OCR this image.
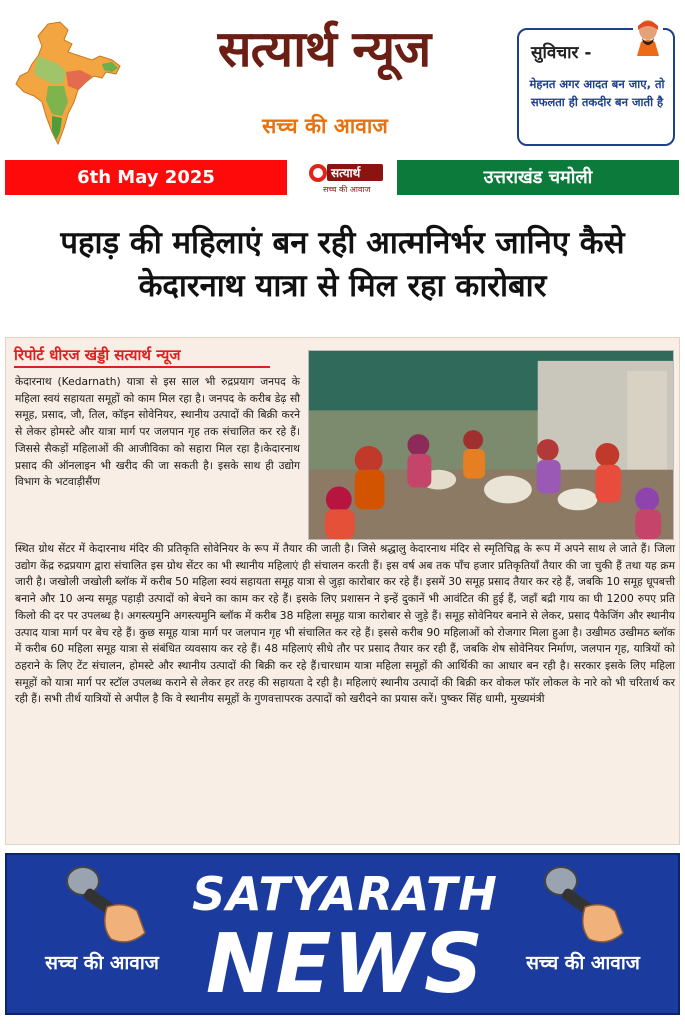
सत्यार्थ न्यूज
सच्च की आवाज
सुविचार -
मेहनत अगर आदत बन जाए, तो सफलता ही तकदीर बन जाती है
6th May 2025	सत्यार्थ
सच्च की आवाज
उत्तराखंड चमोली
पहाड़ की महिलाएं बन रही आत्मनिर्भर जानिए कैसे केदारनाथ यात्रा से मिल रहा कारोबार
रिपोर्ट धीरज खंड्डी सत्यार्थ न्यूज
केदारनाथ (Kedarnath) यात्रा से इस साल भी रुद्रप्रयाग जनपद के महिला स्वयं सहायता समूहों को काम मिल रहा है। जनपद के करीब डेढ़ सौ समूह, प्रसाद, जौ, तिल, कॉइन सोवेनियर, स्थानीय उत्पादों की बिक्री करने से लेकर होमस्टे और यात्रा मार्ग पर जलपान गृह तक संचालित कर रहे हैं। जिससे सैकड़ों महिलाओं की आजीविका को सहारा मिल रहा है।केदारनाथ प्रसाद की ऑनलाइन भी खरीद की जा सकती है। इसके साथ ही उद्योग विभाग के भटवाड़ीसैंण
स्थित ग्रोथ सेंटर में केदारनाथ मंदिर की प्रतिकृति सोवेनियर के रूप में तैयार की जाती है। जिसे श्रद्धालु केदारनाथ मंदिर से स्मृतिचिह्न के रूप में अपने साथ ले जाते हैं। जिला उद्योग केंद्र रुद्रप्रयाग द्वारा संचालित इस ग्रोथ सेंटर का भी स्थानीय महिलाएं ही संचालन करती हैं। इस वर्ष अब तक पाँच हजार प्रतिकृतियाँ तैयार की जा चुकी हैं तथा यह क्रम जारी है। जखोली जखोली ब्लॉक में करीब 50 महिला स्वयं सहायता समूह यात्रा से जुड़ा कारोबार कर रहे हैं। इसमें 30 समूह प्रसाद तैयार कर रहे हैं, जबकि 10 समूह धूपबत्ती बनाने और 10 अन्य समूह पहाड़ी उत्पादों को बेचने का काम कर रहे हैं। इसके लिए प्रशासन ने इन्हें दुकानें भी आवंटित की हुई हैं, जहाँ बद्री गाय का घी 1200 रुपए प्रति किलो की दर पर उपलब्ध है। अगस्त्यमुनि अगस्त्यमुनि ब्लॉक में करीब 38 महिला समूह यात्रा कारोबार से जुड़े हैं। समूह सोवेनियर बनाने से लेकर, प्रसाद पैकेजिंग और स्थानीय उत्पाद यात्रा मार्ग पर बेच रहे हैं। कुछ समूह यात्रा मार्ग पर जलपान गृह भी संचालित कर रहे हैं। इससे करीब 90 महिलाओं को रोजगार मिला हुआ है। उखीमठ उखीमठ ब्लॉक में करीब 60 महिला समूह यात्रा से संबंधित व्यवसाय कर रहे हैं। 48 महिलाएं सीधे तौर पर प्रसाद तैयार कर रही हैं, जबकि शेष सोवेनियर निर्माण, जलपान गृह, यात्रियों को ठहराने के लिए टेंट संचालन, होमस्टे और स्थानीय उत्पादों की बिक्री कर रहे हैं।चारधाम यात्रा महिला समूहों की आर्थिकी का आधार बन रही है। सरकार इसके लिए महिला समूहों को यात्रा मार्ग पर स्टॉल उपलब्ध कराने से लेकर हर तरह की सहायता दे रही है। महिलाएं स्थानीय उत्पादों की बिक्री कर वोकल फॉर लोकल के नारे को भी चरितार्थ कर रही हैं। सभी तीर्थ यात्रियों से अपील है कि वे स्थानीय समूहों के गुणवत्तापरक उत्पादों को खरीदने का प्रयास करें। पुष्कर सिंह धामी, मुख्यमंत्री
SATYARATH
NEWS
सच्च की आवाज	सच्च की आवाज
